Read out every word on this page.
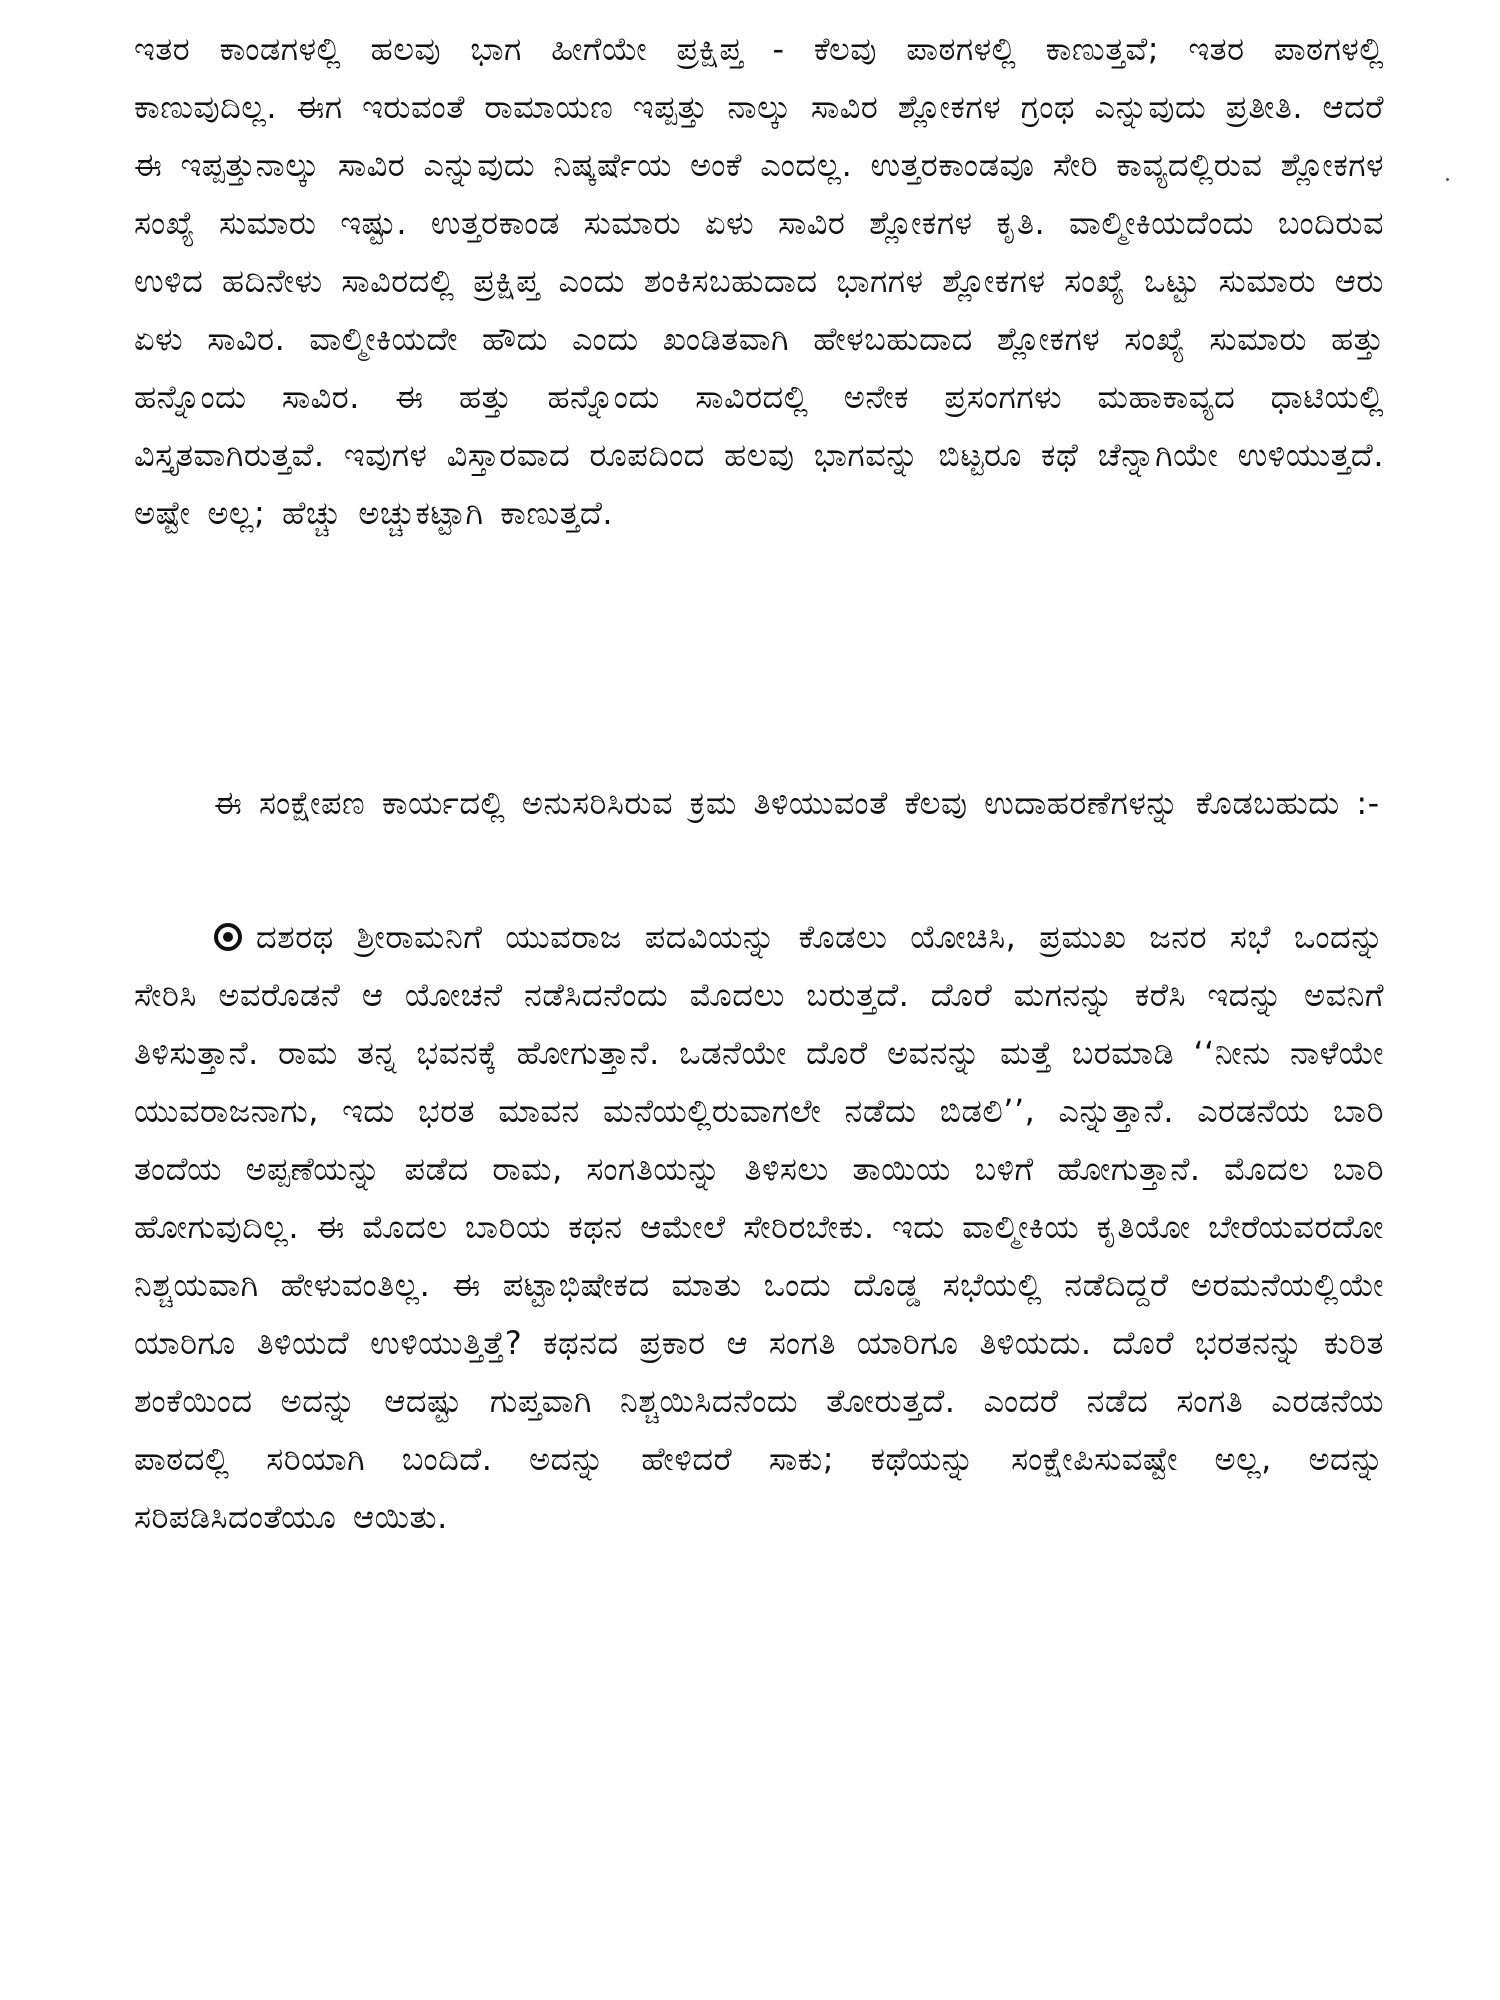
ಇತರ ಕಾಂಡಗಳಲ್ಲಿ ಹಲವು ಭಾಗ ಹೀಗೆಯೇ ಪ್ರಕ್ಷಿಪ್ತ - ಕೆಲವು ಪಾಠಗಳಲ್ಲಿ ಕಾಣುತ್ತವೆ; ಇತರ ಪಾಠಗಳಲ್ಲಿ ಕಾಣುವುದಿಲ್ಲ. ಈಗ ಇರುವಂತೆ ರಾಮಾಯಣ ಇಪ್ಪತ್ತು ನಾಲ್ಕು ಸಾವಿರ ಶ್ಲೋಕಗಳ ಗ್ರಂಥ ಎನ್ನುವುದು ಪ್ರತೀತಿ. ಆದರೆ ಈ ಇಪ್ಪತ್ತುನಾಲ್ಕು ಸಾವಿರ ಎನ್ನುವುದು ನಿಷ್ಕರ್ಷೆಯ ಅಂಕೆ ಎಂದಲ್ಲ. ಉತ್ತರಕಾಂಡವೂ ಸೇರಿ ಕಾವ್ಯದಲ್ಲಿರುವ ಶ್ಲೋಕಗಳ ಸಂಖ್ಯೆ ಸುಮಾರು ಇಷ್ಟು. ಉತ್ತರಕಾಂಡ ಸುಮಾರು ಏಳು ಸಾವಿರ ಶ್ಲೋಕಗಳ ಕೃತಿ. ವಾಲ್ಮೀಕಿಯದೆಂದು ಬಂದಿರುವ ಉಳಿದ ಹದಿನೇಳು ಸಾವಿರದಲ್ಲಿ ಪ್ರಕ್ಷಿಪ್ತ ಎಂದು ಶಂಕಿಸಬಹುದಾದ ಭಾಗಗಳ ಶ್ಲೋಕಗಳ ಸಂಖ್ಯೆ ಒಟ್ಟು ಸುಮಾರು ಆರು ಏಳು ಸಾವಿರ. ವಾಲ್ಮೀಕಿಯದೇ ಹೌದು ಎಂದು ಖಂಡಿತವಾಗಿ ಹೇಳಬಹುದಾದ ಶ್ಲೋಕಗಳ ಸಂಖ್ಯೆ ಸುಮಾರು ಹತ್ತು ಹನ್ನೊಂದು ಸಾವಿರ. ಈ ಹತ್ತು ಹನ್ನೊಂದು ಸಾವಿರದಲ್ಲಿ ಅನೇಕ ಪ್ರಸಂಗಗಳು ಮಹಾಕಾವ್ಯದ ಧಾಟಿಯಲ್ಲಿ ವಿಸ್ತೃತವಾಗಿರುತ್ತವೆ. ಇವುಗಳ ವಿಸ್ತಾರವಾದ ರೂಪದಿಂದ ಹಲವು ಭಾಗವನ್ನು ಬಿಟ್ಟರೂ ಕಥೆ ಚೆನ್ನಾಗಿಯೇ ಉಳಿಯುತ್ತದೆ. ಅಷ್ಟೇ ಅಲ್ಲ; ಹೆಚ್ಚು ಅಚ್ಚುಕಟ್ಟಾಗಿ ಕಾಣುತ್ತದೆ.

ಈ ಸಂಕ್ಷೇಪಣ ಕಾರ್ಯದಲ್ಲಿ ಅನುಸರಿಸಿರುವ ಕ್ರಮ ತಿಳಿಯುವಂತೆ ಕೆಲವು ಉದಾಹರಣೆಗಳನ್ನು ಕೊಡಬಹುದು :-

ದಶರಥ ಶ್ರೀರಾಮನಿಗೆ ಯುವರಾಜ ಪದವಿಯನ್ನು ಕೊಡಲು ಯೋಚಿಸಿ, ಪ್ರಮುಖ ಜನರ ಸಭೆ ಒಂದನ್ನು ಸೇರಿಸಿ ಅವರೊಡನೆ ಆ ಯೋಚನೆ ನಡೆಸಿದನೆಂದು ಮೊದಲು ಬರುತ್ತದೆ. ದೊರೆ ಮಗನನ್ನು ಕರೆಸಿ ಇದನ್ನು ಅವನಿಗೆ ತಿಳಿಸುತ್ತಾನೆ. ರಾಮ ತನ್ನ ಭವನಕ್ಕೆ ಹೋಗುತ್ತಾನೆ. ಒಡನೆಯೇ ದೊರೆ ಅವನನ್ನು ಮತ್ತೆ ಬರಮಾಡಿ ‘‘ನೀನು ನಾಳೆಯೇ ಯುವರಾಜನಾಗು, ಇದು ಭರತ ಮಾವನ ಮನೆಯಲ್ಲಿರುವಾಗಲೇ ನಡೆದು ಬಿಡಲಿ’’, ಎನ್ನುತ್ತಾನೆ. ಎರಡನೆಯ ಬಾರಿ ತಂದೆಯ ಅಪ್ಪಣೆಯನ್ನು ಪಡೆದ ರಾಮ, ಸಂಗತಿಯನ್ನು ತಿಳಿಸಲು ತಾಯಿಯ ಬಳಿಗೆ ಹೋಗುತ್ತಾನೆ. ಮೊದಲ ಬಾರಿ ಹೋಗುವುದಿಲ್ಲ. ಈ ಮೊದಲ ಬಾರಿಯ ಕಥನ ಆಮೇಲೆ ಸೇರಿರಬೇಕು. ಇದು ವಾಲ್ಮೀಕಿಯ ಕೃತಿಯೋ ಬೇರೆಯವರದೋ ನಿಶ್ಚಯವಾಗಿ ಹೇಳುವಂತಿಲ್ಲ. ಈ ಪಟ್ಟಾಭಿಷೇಕದ ಮಾತು ಒಂದು ದೊಡ್ಡ ಸಭೆಯಲ್ಲಿ ನಡೆದಿದ್ದರೆ ಅರಮನೆಯಲ್ಲಿಯೇ ಯಾರಿಗೂ ತಿಳಿಯದೆ ಉಳಿಯುತ್ತಿತ್ತೆ? ಕಥನದ ಪ್ರಕಾರ ಆ ಸಂಗತಿ ಯಾರಿಗೂ ತಿಳಿಯದು. ದೊರೆ ಭರತನನ್ನು ಕುರಿತ ಶಂಕೆಯಿಂದ ಅದನ್ನು ಆದಷ್ಟು ಗುಪ್ತವಾಗಿ ನಿಶ್ಚಯಿಸಿದನೆಂದು ತೋರುತ್ತದೆ. ಎಂದರೆ ನಡೆದ ಸಂಗತಿ ಎರಡನೆಯ ಪಾಠದಲ್ಲಿ ಸರಿಯಾಗಿ ಬಂದಿದೆ. ಅದನ್ನು ಹೇಳಿದರೆ ಸಾಕು; ಕಥೆಯನ್ನು ಸಂಕ್ಷೇಪಿಸುವಷ್ಟೇ ಅಲ್ಲ, ಅದನ್ನು ಸರಿಪಡಿಸಿದಂತೆಯೂ ಆಯಿತು.
